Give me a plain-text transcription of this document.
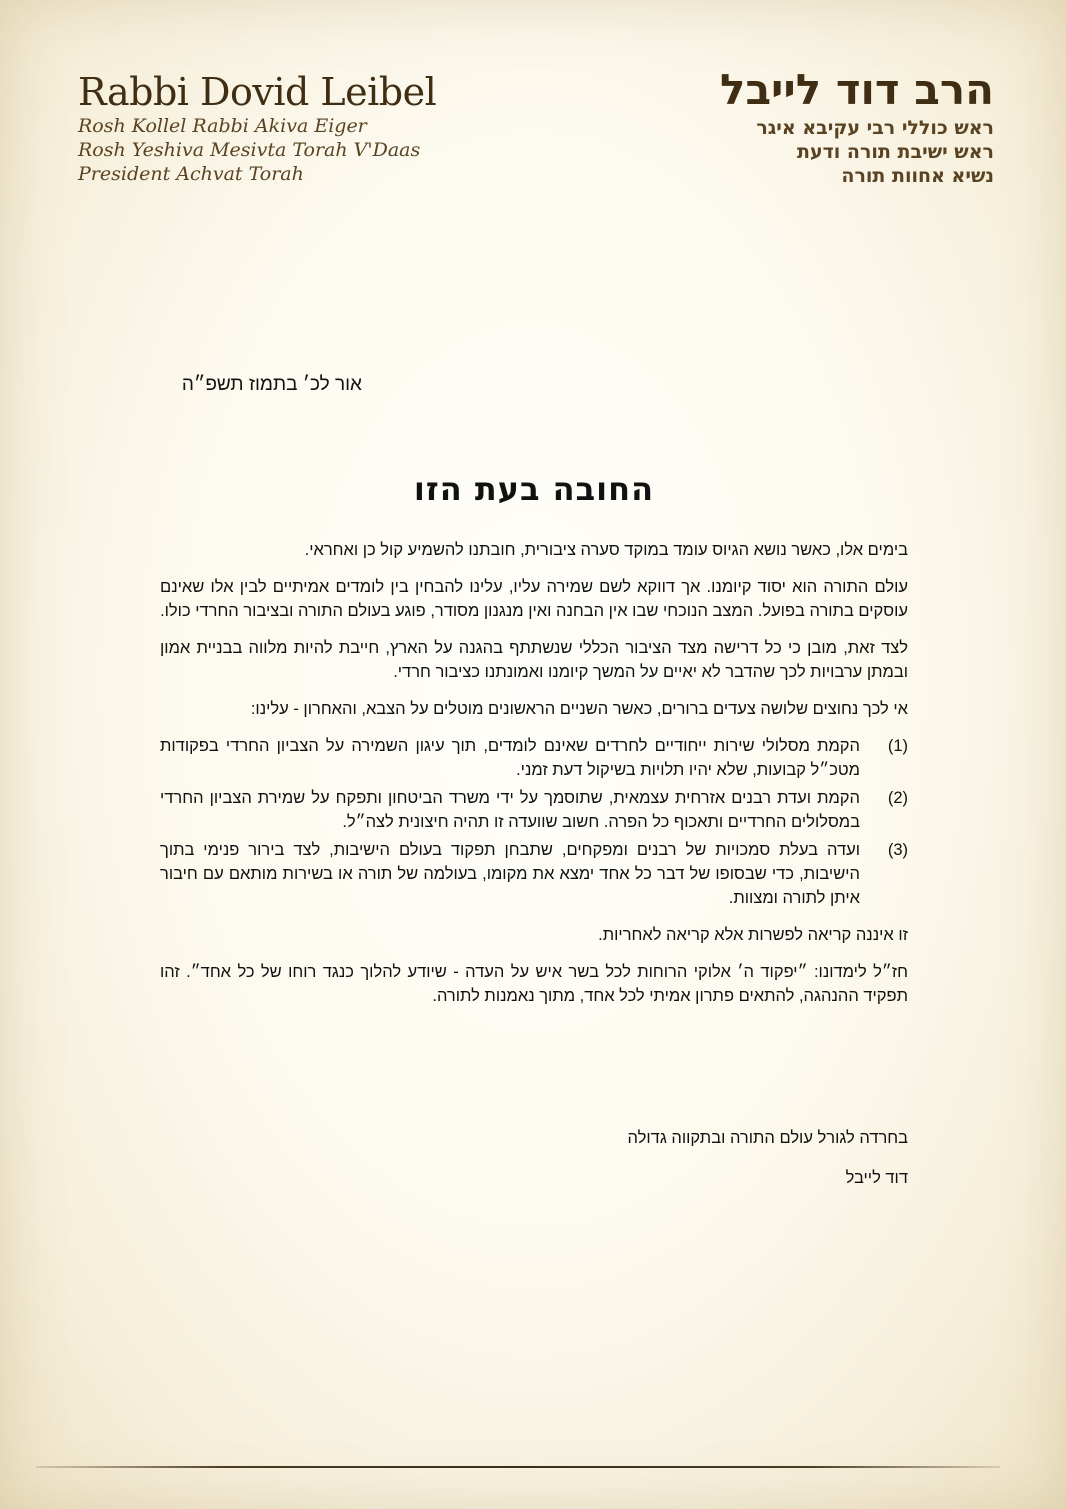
Rabbi Dovid Leibel
Rosh Kollel Rabbi Akiva Eiger
Rosh Yeshiva Mesivta Torah V'Daas
President Achvat Torah
הרב דוד לייבל
ראש כוללי רבי עקיבא איגר
ראש ישיבת תורה ודעת
נשיא אחוות תורה
אור לכ׳ בתמוז תשפ״ה
החובה בעת הזו

בימים אלו, כאשר נושא הגיוס עומד במוקד סערה ציבורית, חובתנו להשמיע קול כן ואחראי.

עולם התורה הוא יסוד קיומנו. אך דווקא לשם שמירה עליו, עלינו להבחין בין לומדים אמיתיים לבין אלו שאינם עוסקים בתורה בפועל. המצב הנוכחי שבו אין הבחנה ואין מנגנון מסודר, פוגע בעולם התורה ובציבור החרדי כולו.

לצד זאת, מובן כי כל דרישה מצד הציבור הכללי שנשתתף בהגנה על הארץ, חייבת להיות מלווה בבניית אמון ובמתן ערבויות לכך שהדבר לא יאיים על המשך קיומנו ואמונתנו כציבור חרדי.

אי לכך נחוצים שלושה צעדים ברורים, כאשר השניים הראשונים מוטלים על הצבא, והאחרון - עלינו:

(1)
הקמת מסלולי שירות ייחודיים לחרדים שאינם לומדים, תוך עיגון השמירה על הצביון החרדי בפקודות מטכ״ל קבועות, שלא יהיו תלויות בשיקול דעת זמני.
(2)
הקמת ועדת רבנים אזרחית עצמאית, שתוסמך על ידי משרד הביטחון ותפקח על שמירת הצביון החרדי במסלולים החרדיים ותאכוף כל הפרה. חשוב שוועדה זו תהיה חיצונית לצה״ל.
(3)
ועדה בעלת סמכויות של רבנים ומפקחים, שתבחן תפקוד בעולם הישיבות, לצד בירור פנימי בתוך הישיבות, כדי שבסופו של דבר כל אחד ימצא את מקומו, בעולמה של תורה או בשירות מותאם עם חיבור איתן לתורה ומצוות.

זו איננה קריאה לפשרות אלא קריאה לאחריות.

חז״ל לימדונו: ״יפקוד ה׳ אלוקי הרוחות לכל בשר איש על העדה - שיודע להלוך כנגד רוחו של כל אחד״. זהו תפקיד ההנהגה, להתאים פתרון אמיתי לכל אחד, מתוך נאמנות לתורה.

בחרדה לגורל עולם התורה ובתקווה גדולה
דוד לייבל
